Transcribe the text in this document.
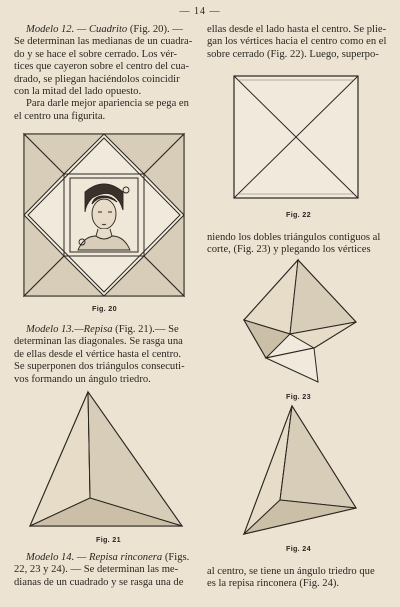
— 14 —
Modelo 12. — Cuadrito (Fig. 20). —
Se determinan las medianas de un cuadra-
do y se hace el sobre cerrado. Los vér-
tices que cayeron sobre el centro del cua-
drado, se pliegan haciéndolos coincidir
con la mitad del lado opuesto.
Para darle mejor apariencia se pega en
el centro una figurita.
Fig. 20
Modelo 13.—Repisa (Fig. 21).— Se
determinan las diagonales. Se rasga una
de ellas desde el vértice hasta el centro.
Se superponen dos triángulos consecuti-
vos formando un ángulo triedro.
Fig. 21
Modelo 14. — Repisa rinconera (Figs.
22, 23 y 24). — Se determinan las me-
dianas de un cuadrado y se rasga una de
ellas desde el lado hasta el centro. Se plie-
gan los vértices hacia el centro como en el
sobre cerrado (Fig. 22). Luego, superpo-
Fig. 22
niendo los dobles triángulos contiguos al
corte, (Fig. 23) y plegando los vértices
Fig. 23
Fig. 24
al centro, se tiene un ángulo triedro que
es la repisa rinconera (Fig. 24).
